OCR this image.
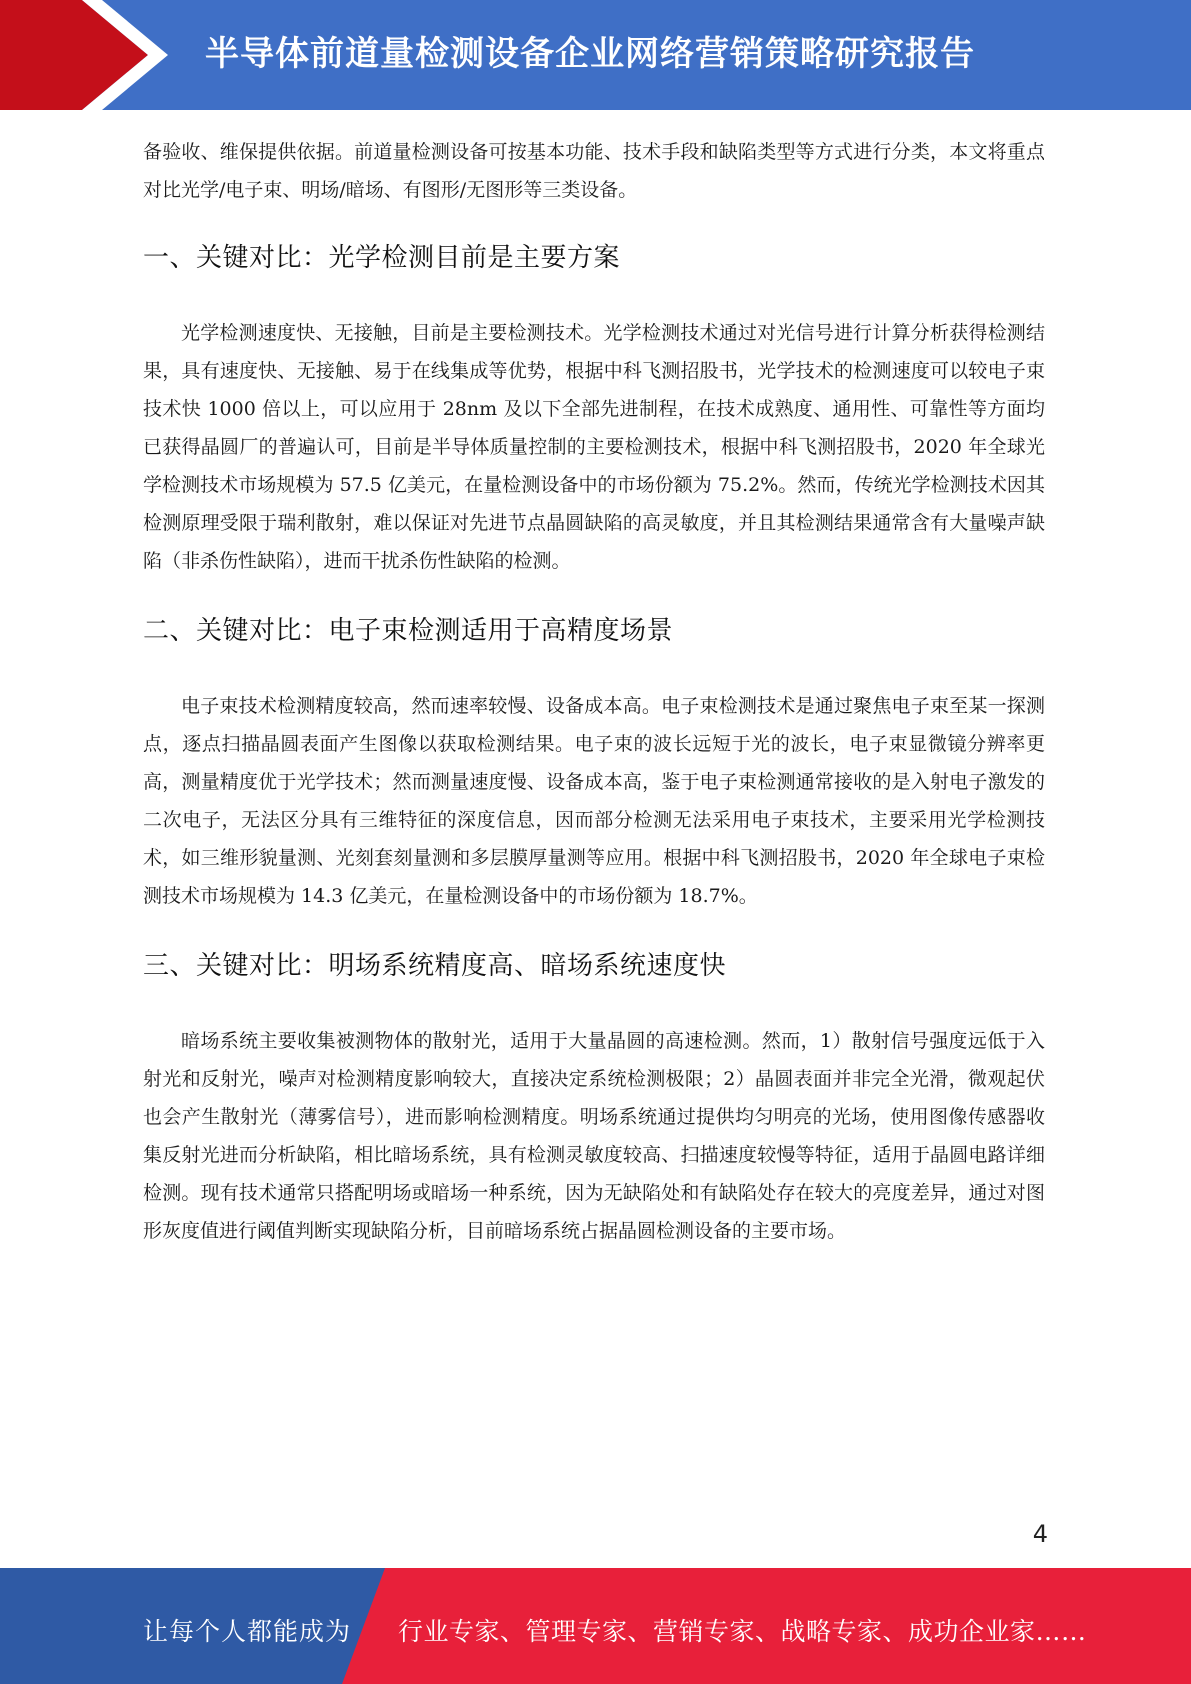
半导体前道量检测设备企业网络营销策略研究报告

备验收、维保提供依据。前道量检测设备可按基本功能、技术手段和缺陷类型等方式进行分类，本文将重点对比光学/电子束、明场/暗场、有图形/无图形等三类设备。

一、关键对比：光学检测目前是主要方案

光学检测速度快、无接触，目前是主要检测技术。光学检测技术通过对光信号进行计算分析获得检测结果，具有速度快、无接触、易于在线集成等优势，根据中科飞测招股书，光学技术的检测速度可以较电子束技术快 1000 倍以上，可以应用于 28nm 及以下全部先进制程，在技术成熟度、通用性、可靠性等方面均已获得晶圆厂的普遍认可，目前是半导体质量控制的主要检测技术，根据中科飞测招股书，2020 年全球光学检测技术市场规模为 57.5 亿美元，在量检测设备中的市场份额为 75.2%。然而，传统光学检测技术因其检测原理受限于瑞利散射，难以保证对先进节点晶圆缺陷的高灵敏度，并且其检测结果通常含有大量噪声缺陷（非杀伤性缺陷），进而干扰杀伤性缺陷的检测。

二、关键对比：电子束检测适用于高精度场景

电子束技术检测精度较高，然而速率较慢、设备成本高。电子束检测技术是通过聚焦电子束至某一探测点，逐点扫描晶圆表面产生图像以获取检测结果。电子束的波长远短于光的波长，电子束显微镜分辨率更高，测量精度优于光学技术；然而测量速度慢、设备成本高，鉴于电子束检测通常接收的是入射电子激发的二次电子，无法区分具有三维特征的深度信息，因而部分检测无法采用电子束技术，主要采用光学检测技术，如三维形貌量测、光刻套刻量测和多层膜厚量测等应用。根据中科飞测招股书，2020 年全球电子束检测技术市场规模为 14.3 亿美元，在量检测设备中的市场份额为 18.7%。

三、关键对比：明场系统精度高、暗场系统速度快

暗场系统主要收集被测物体的散射光，适用于大量晶圆的高速检测。然而，1）散射信号强度远低于入射光和反射光，噪声对检测精度影响较大，直接决定系统检测极限；2）晶圆表面并非完全光滑，微观起伏也会产生散射光（薄雾信号），进而影响检测精度。明场系统通过提供均匀明亮的光场，使用图像传感器收集反射光进而分析缺陷，相比暗场系统，具有检测灵敏度较高、扫描速度较慢等特征，适用于晶圆电路详细检测。现有技术通常只搭配明场或暗场一种系统，因为无缺陷处和有缺陷处存在较大的亮度差异，通过对图形灰度值进行阈值判断实现缺陷分析，目前暗场系统占据晶圆检测设备的主要市场。

4
让每个人都能成为 行业专家、管理专家、营销专家、战略专家、成功企业家……
